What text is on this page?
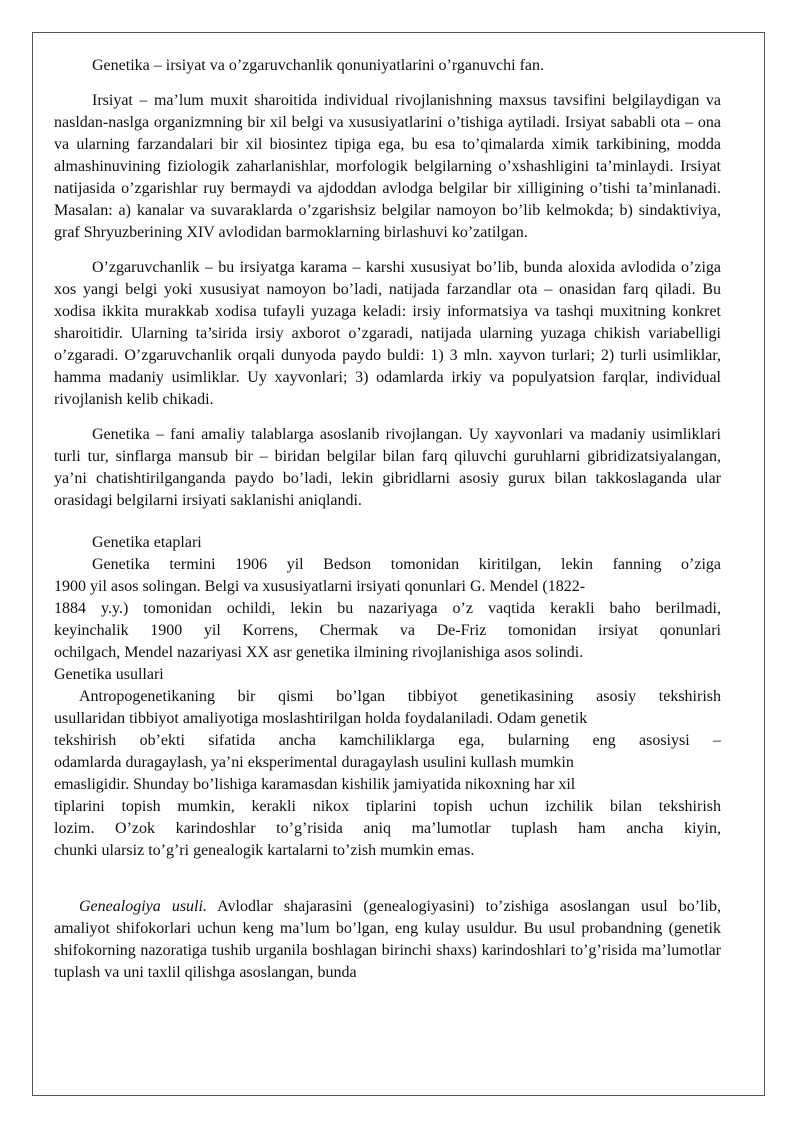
Genetika – irsiyat va o’zgaruvchanlik qonuniyatlarini o’rganuvchi fan.

Irsiyat – ma’lum muxit sharoitida individual rivojlanishning maxsus tavsifini belgilaydigan va nasldan-naslga organizmning bir xil belgi va xususiyatlarini o’tishiga aytiladi. Irsiyat sababli ota – ona va ularning farzandalari bir xil biosintez tipiga ega, bu esa to’qimalarda ximik tarkibining, modda almashinuvining fiziologik zaharlanishlar, morfologik belgilarning o’xshashligini ta’minlaydi. Irsiyat natijasida o’zgarishlar ruy bermaydi va ajdoddan avlodga belgilar bir xilligining o’tishi ta’minlanadi. Masalan: a) kanalar va suvaraklarda o’zgarishsiz belgilar namoyon bo’lib kelmokda; b) sindaktiviya, graf Shryuzberining XIV avlodidan barmoklarning birlashuvi ko’zatilgan.

O’zgaruvchanlik – bu irsiyatga karama – karshi xususiyat bo’lib, bunda aloxida avlodida o’ziga xos yangi belgi yoki xususiyat namoyon bo’ladi, natijada farzandlar ota – onasidan farq qiladi. Bu xodisa ikkita murakkab xodisa tufayli yuzaga keladi: irsiy informatsiya va tashqi muxitning konkret sharoitidir. Ularning ta’sirida irsiy axborot o’zgaradi, natijada ularning yuzaga chikish variabelligi o’zgaradi. O’zgaruvchanlik orqali dunyoda paydo buldi: 1) 3 mln. xayvon turlari; 2) turli usimliklar, hamma madaniy usimliklar. Uy xayvonlari; 3) odamlarda irkiy va populyatsion farqlar, individual rivojlanish kelib chikadi.

Genetika – fani amaliy talablarga asoslanib rivojlangan. Uy xayvonlari va madaniy usimliklari turli tur, sinflarga mansub bir – biridan belgilar bilan farq qiluvchi guruhlarni gibridizatsiyalangan, ya’ni chatishtirilganganda paydo bo’ladi, lekin gibridlarni asosiy gurux bilan takkoslaganda ular orasidagi belgilarni irsiyati saklanishi aniqlandi.

Genetika etaplari
Genetika termini 1906 yil Bedson tomonidan kiritilgan, lekin fanning o’ziga
1900 yil asos solingan. Belgi va xususiyatlarni irsiyati qonunlari G. Mendel (1822-
1884 y.y.) tomonidan ochildi, lekin bu nazariyaga o’z vaqtida kerakli baho berilmadi,
keyinchalik 1900 yil Korrens, Chermak va De-Friz tomonidan irsiyat qonunlari
ochilgach, Mendel nazariyasi XX asr genetika ilmining rivojlanishiga asos solindi.
Genetika usullari
Antropogenetikaning bir qismi bo’lgan tibbiyot genetikasining asosiy tekshirish
usullaridan tibbiyot amaliyotiga moslashtirilgan holda foydalaniladi. Odam genetik
tekshirish ob’ekti sifatida ancha kamchiliklarga ega, bularning eng asosiysi –
odamlarda duragaylash, ya’ni eksperimental duragaylash usulini kullash mumkin
emasligidir. Shunday bo’lishiga karamasdan kishilik jamiyatida nikoxning har xil
tiplarini topish mumkin, kerakli nikox tiplarini topish uchun izchilik bilan tekshirish
lozim. O’zok karindoshlar to’g’risida aniq ma’lumotlar tuplash ham ancha kiyin,
chunki ularsiz to’g’ri genealogik kartalarni to’zish mumkin emas.

Genealogiya usuli. Avlodlar shajarasini (genealogiyasini) to’zishiga asoslangan usul bo’lib, amaliyot shifokorlari uchun keng ma’lum bo’lgan, eng kulay usuldur. Bu usul probandning (genetik shifokorning nazoratiga tushib urganila boshlagan birinchi shaxs) karindoshlari to’g’risida ma’lumotlar tuplash va uni taxlil qilishga asoslangan, bunda
